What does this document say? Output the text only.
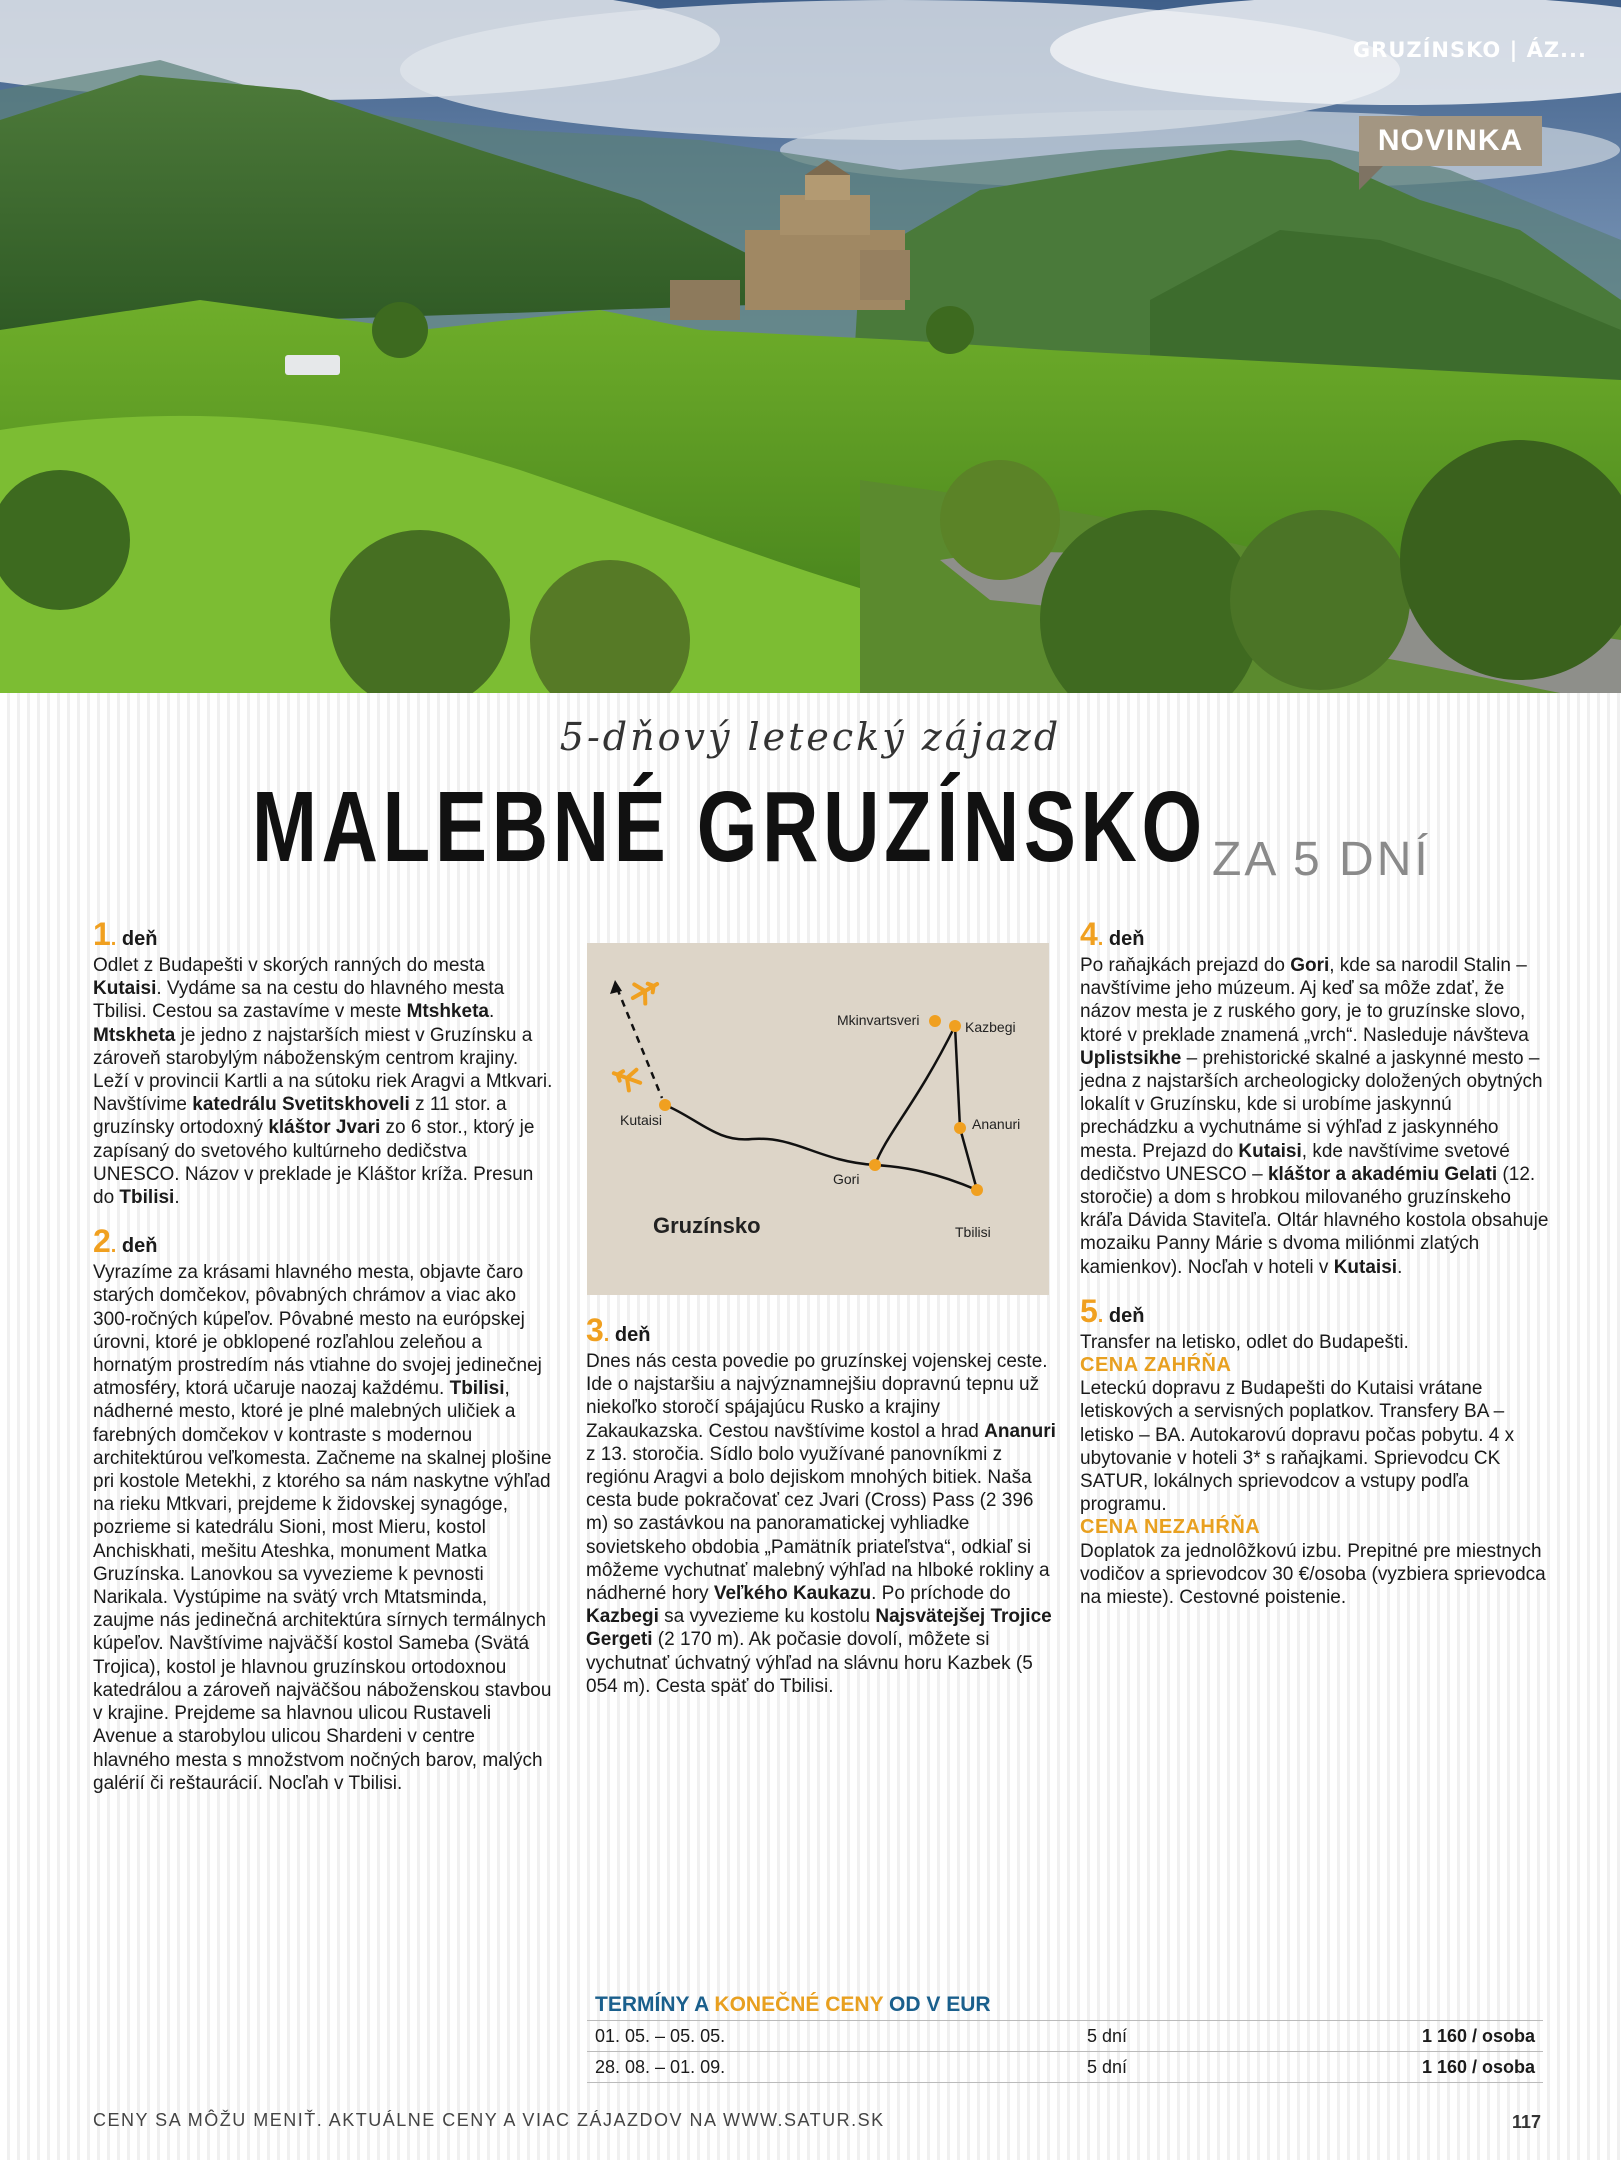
GRUZÍNSKO | ÁZ...
NOVINKA
5-dňový letecký zájazd
MALEBNÉ GRUZÍNSKO ZA 5 DNÍ

1. deň

Odlet z Budapešti v skorých ranných do mesta Kutaisi. Vydáme sa na cestu do hlavného mesta Tbilisi. Cestou sa zastavíme v meste Mtshketa. Mtskheta je jedno z najstarších miest v Gruzínsku a zároveň starobylým náboženským centrom krajiny. Leží v provincii Kartli a na sútoku riek Aragvi a Mtkvari. Navštívime katedrálu Svetitskhoveli z 11 stor. a gruzínsky ortodoxný kláštor Jvari zo 6 stor., ktorý je zapísaný do svetového kultúrneho dedičstva UNESCO. Názov v preklade je Kláštor kríža. Presun do Tbilisi.

2. deň

Vyrazíme za krásami hlavného mesta, objavte čaro starých domčekov, pôvabných chrámov a viac ako 300-ročných kúpeľov. Pôvabné mesto na európskej úrovni, ktoré je obklopené rozľahlou zeleňou a hornatým prostredím nás vtiahne do svojej jedinečnej atmosféry, ktorá učaruje naozaj každému. Tbilisi, nádherné mesto, ktoré je plné malebných uličiek a farebných domčekov v kontraste s modernou architektúrou veľkomesta. Začneme na skalnej plošine pri kostole Metekhi, z ktorého sa nám naskytne výhľad na rieku Mtkvari, prejdeme k židovskej synagóge, pozrieme si katedrálu Sioni, most Mieru, kostol Anchiskhati, mešitu Ateshka, monument Matka Gruzínska. Lanovkou sa vyvezieme k pevnosti Narikala. Vystúpime na svätý vrch Mtatsminda, zaujme nás jedinečná architektúra sírnych termálnych kúpeľov. Navštívime najväčší kostol Sameba (Svätá Trojica), kostol je hlavnou gruzínskou ortodoxnou katedrálou a zároveň najväčšou náboženskou stavbou v krajine. Prejdeme sa hlavnou ulicou Rustaveli Avenue a starobylou ulicou Shardeni v centre hlavného mesta s množstvom nočných barov, malých galérií či reštaurácií. Nocľah v Tbilisi.

Kutaisi
Gori
Tbilisi
Ananuri
Kazbegi
Mkinvartsveri
Gruzínsko

3. deň

Dnes nás cesta povedie po gruzínskej vojenskej ceste. Ide o najstaršiu a najvýznamnejšiu dopravnú tepnu už niekoľko storočí spájajúcu Rusko a krajiny Zakaukazska. Cestou navštívime kostol a hrad Ananuri z 13. storočia. Sídlo bolo využívané panovníkmi z regiónu Aragvi a bolo dejiskom mnohých bitiek. Naša cesta bude pokračovať cez Jvari (Cross) Pass (2 396 m) so zastávkou na panoramatickej vyhliadke sovietskeho obdobia „Pamätník priateľstva“, odkiaľ si môžeme vychutnať malebný výhľad na hlboké rokliny a nádherné hory Veľkého Kaukazu. Po príchode do Kazbegi sa vyvezieme ku kostolu Najsvätejšej Trojice Gergeti (2 170 m). Ak počasie dovolí, môžete si vychutnať úchvatný výhľad na slávnu horu Kazbek (5 054 m). Cesta späť do Tbilisi.

4. deň

Po raňajkách prejazd do Gori, kde sa narodil Stalin – navštívime jeho múzeum. Aj keď sa môže zdať, že názov mesta je z ruského gory, je to gruzínske slovo, ktoré v preklade znamená „vrch“. Nasleduje návšteva Uplistsikhe – prehistorické skalné a jaskynné mesto – jedna z najstarších archeologicky doložených obytných lokalít v Gruzínsku, kde si urobíme jaskynnú prechádzku a vychutnáme si výhľad z jaskynného mesta. Prejazd do Kutaisi, kde navštívime svetové dedičstvo UNESCO – kláštor a akadémiu Gelati (12. storočie) a dom s hrobkou milovaného gruzínskeho kráľa Dávida Staviteľa. Oltár hlavného kostola obsahuje mozaiku Panny Márie s dvoma miliónmi zlatých kamienkov). Nocľah v hoteli v Kutaisi.

5. deň

Transfer na letisko, odlet do Budapešti.

CENA ZAHŔŇA

Leteckú dopravu z Budapešti do Kutaisi vrátane letiskových a servisných poplatkov. Transfery BA – letisko – BA. Autokarovú dopravu počas pobytu. 4 x ubytovanie v hoteli 3* s raňajkami. Sprievodcu CK SATUR, lokálnych sprievodcov a vstupy podľa programu.

CENA NEZAHŔŇA

Doplatok za jednolôžkovú izbu. Prepitné pre miestnych vodičov a sprievodcov 30 €/osoba (vyzbiera sprievodca na mieste). Cestovné poistenie.

TERMÍNY A KONEČNÉ CENY OD V EUR
01. 05. – 05. 05.	5 dní	1 160 / osoba
28. 08. – 01. 09.	5 dní	1 160 / osoba
CENY SA MÔŽU MENIŤ. AKTUÁLNE CENY A VIAC ZÁJAZDOV NA WWW.SATUR.SK	117
